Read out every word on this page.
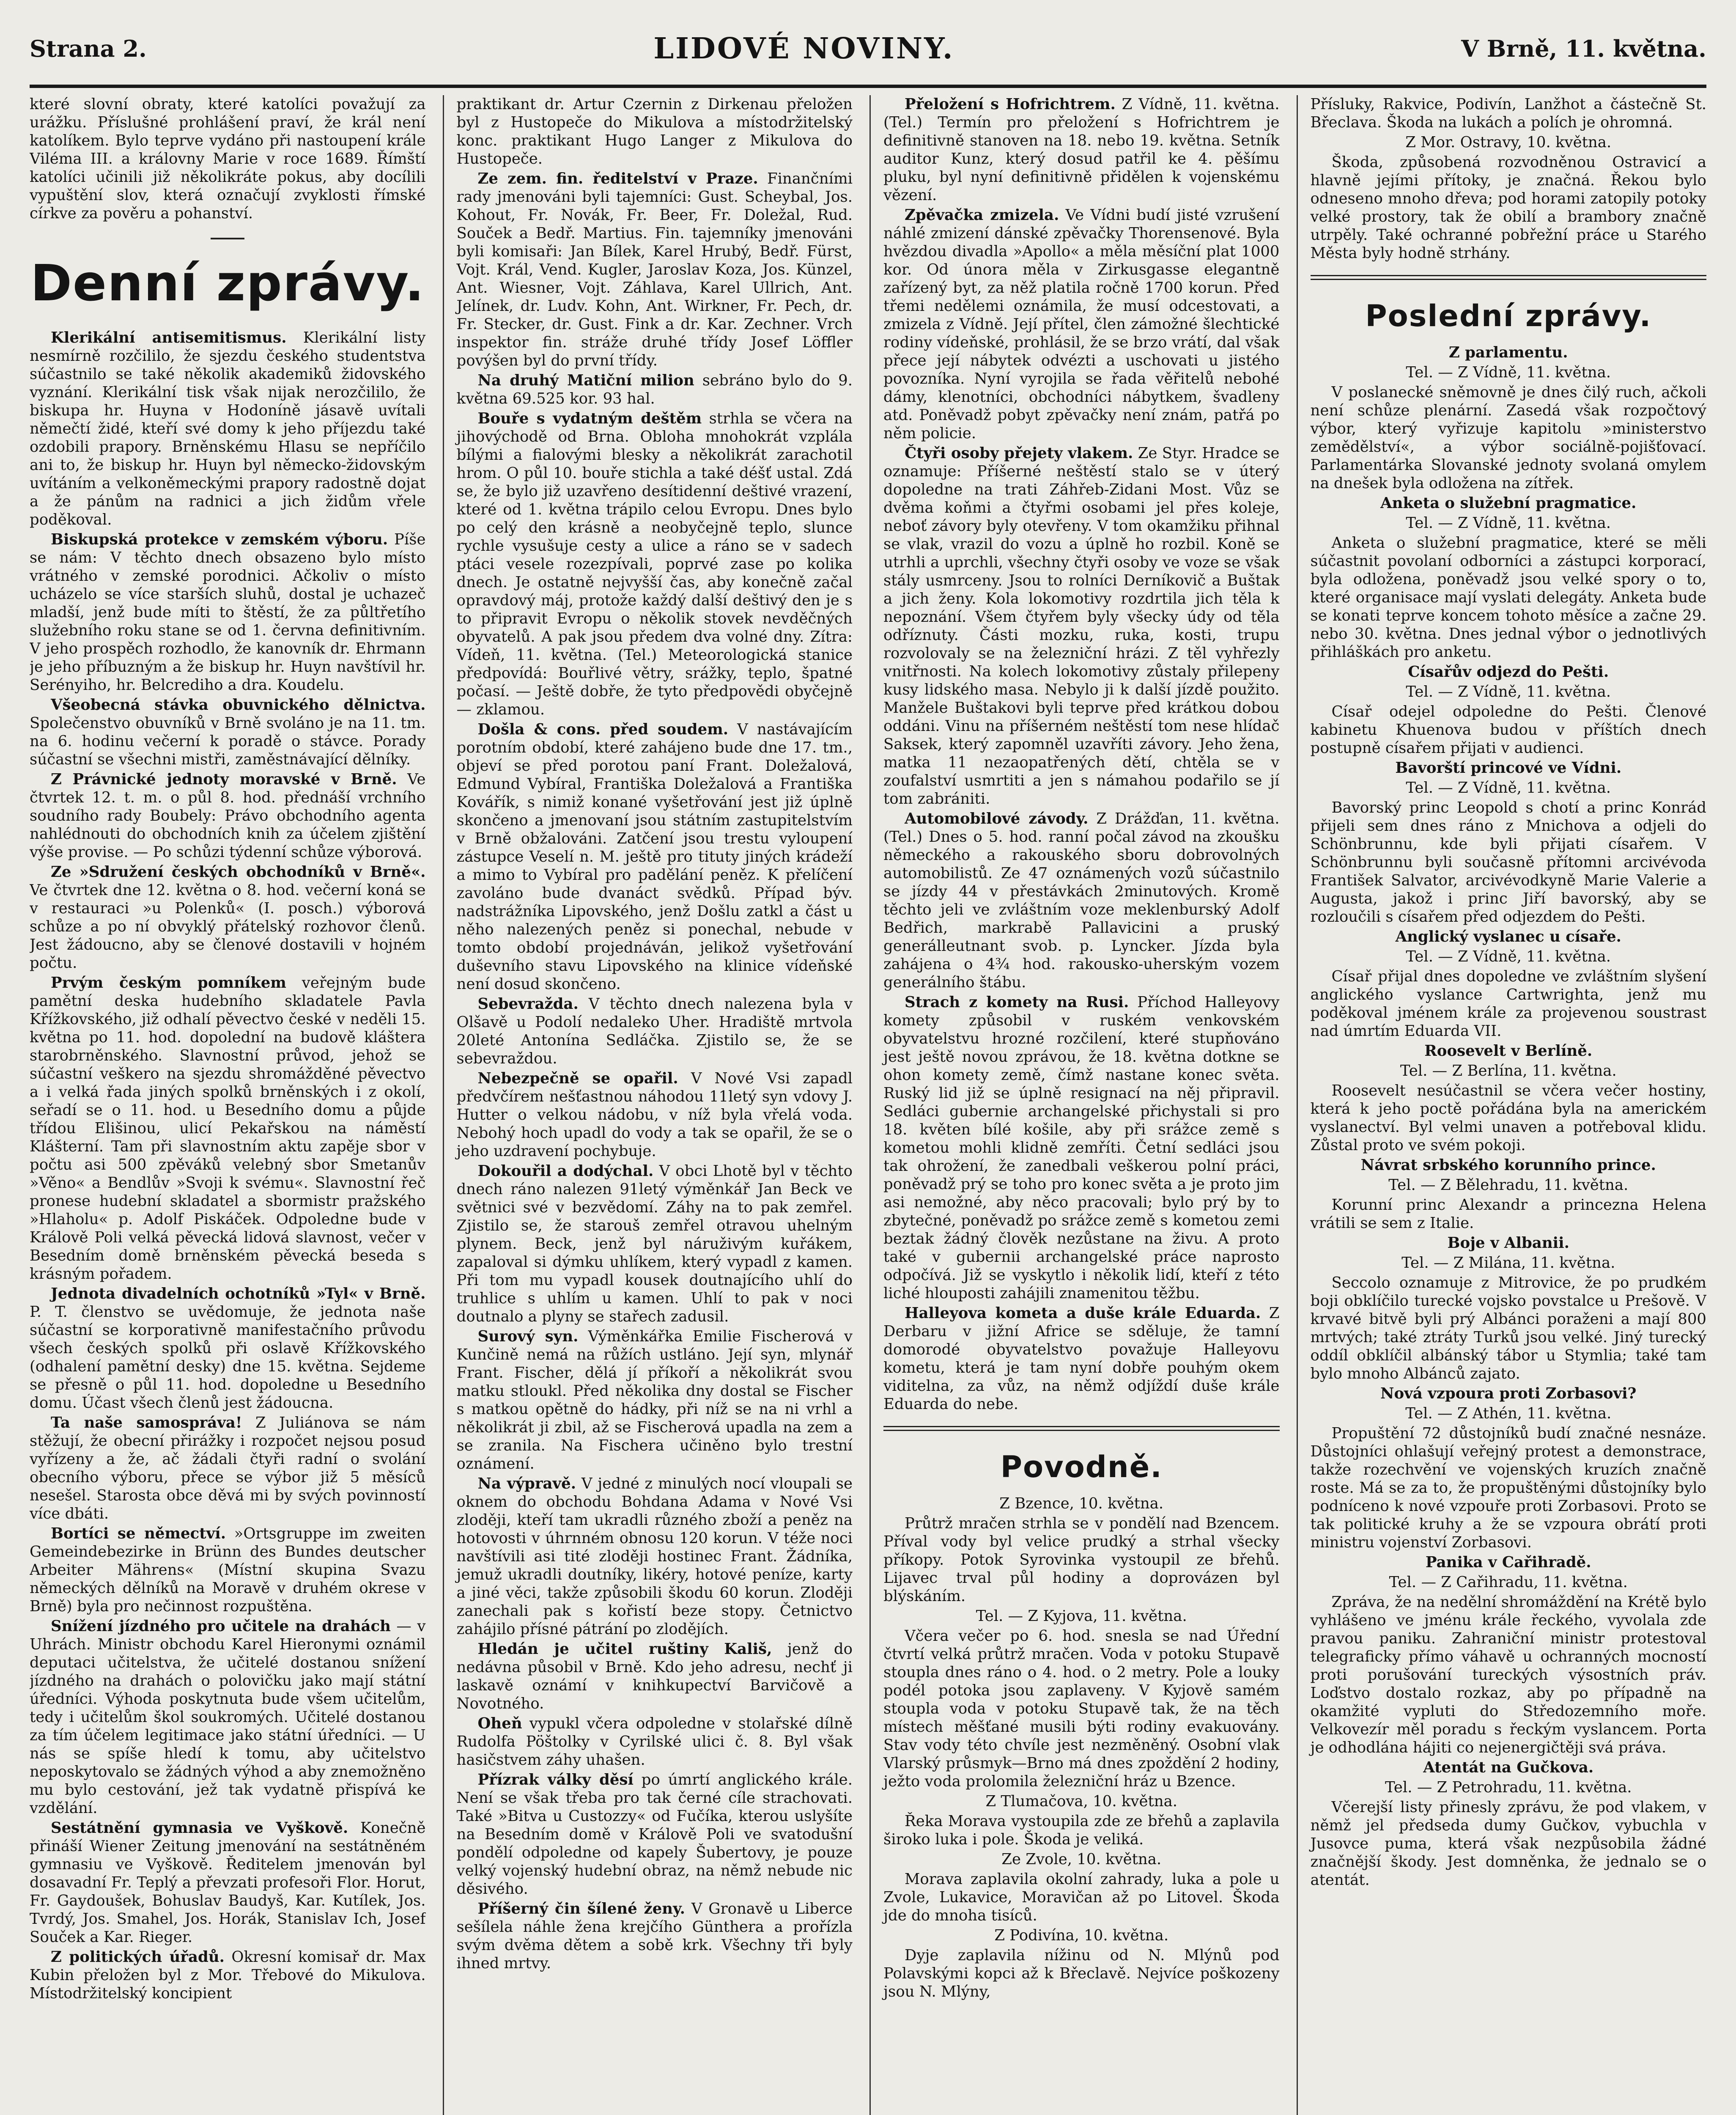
Strana 2.	LIDOVÉ NOVINY.	V Brně, 11. května.

které slovní obraty, které katolíci považují za urážku. Příslušné prohlášení praví, že král není katolíkem. Bylo teprve vydáno při nastoupení krále Viléma III. a královny Marie v roce 1689. Římští katolíci učinili již několikráte pokus, aby docílili vypuštění slov, která označují zvyklosti římské církve za pověru a pohanství.

Denní zprávy.

Klerikální antisemitismus. Klerikální listy nesmírně rozčililo, že sjezdu českého studentstva súčastnilo se také několik akademiků židovského vyznání. Klerikální tisk však nijak nerozčililo, že biskupa hr. Huyna v Hodoníně jásavě uvítali němečtí židé, kteří své domy k jeho příjezdu také ozdobili prapory. Brněnskému Hlasu se nepříčilo ani to, že biskup hr. Huyn byl německo-židovským uvítáním a velkoněmeckými prapory radostně dojat a že pánům na radnici a jich židům vřele poděkoval.

Biskupská protekce v zemském výboru. Píše se nám: V těchto dnech obsazeno bylo místo vrátného v zemské porodnici. Ačkoliv o místo ucházelo se více starších sluhů, dostal je uchazeč mladší, jenž bude míti to štěstí, že za půltřetího služebního roku stane se od 1. června definitivním. V jeho prospěch rozhodlo, že kanovník dr. Ehrmann je jeho příbuzným a že biskup hr. Huyn navštívil hr. Serényiho, hr. Belcrediho a dra. Koudelu.

Všeobecná stávka obuvnického dělnictva. Společenstvo obuvníků v Brně svoláno je na 11. tm. na 6. hodinu večerní k poradě o stávce. Porady súčastní se všechni mistři, zaměstnávající dělníky.

Z Právnické jednoty moravské v Brně. Ve čtvrtek 12. t. m. o půl 8. hod. přednáší vrchního soudního rady Boubely: Právo obchodního agenta nahlédnouti do obchodních knih za účelem zjištění výše provise. — Po schůzi týdenní schůze výborová.

Ze »Sdružení českých obchodníků v Brně«. Ve čtvrtek dne 12. května o 8. hod. večerní koná se v restauraci »u Polenků« (I. posch.) výborová schůze a po ní obvyklý přátelský rozhovor členů. Jest žádoucno, aby se členové dostavili v hojném počtu.

Prvým českým pomníkem veřejným bude pamětní deska hudebního skladatele Pavla Křížkovského, již odhalí pěvectvo české v neděli 15. května po 11. hod. dopolední na budově kláštera starobrněnského. Slavnostní průvod, jehož se súčastní veškero na sjezdu shromážděné pěvectvo a i velká řada jiných spolků brněnských i z okolí, seřadí se o 11. hod. u Besedního domu a půjde třídou Elišinou, ulicí Pekařskou na náměstí Klášterní. Tam při slavnostním aktu zapěje sbor v počtu asi 500 zpěváků velebný sbor Smetanův »Věno« a Bendlův »Svoji k svému«. Slavnostní řeč pronese hudební skladatel a sbormistr pražského »Hlaholu« p. Adolf Piskáček. Odpoledne bude v Králově Poli velká pěvecká lidová slavnost, večer v Besedním domě brněnském pěvecká beseda s krásným pořadem.

Jednota divadelních ochotníků »Tyl« v Brně. P. T. členstvo se uvědomuje, že jednota naše súčastní se korporativně manifestačního průvodu všech českých spolků při oslavě Křížkovského (odhalení pamětní desky) dne 15. května. Sejdeme se přesně o půl 11. hod. dopoledne u Besedního domu. Účast všech členů jest žádoucna.

Ta naše samospráva! Z Juliánova se nám stěžují, že obecní přirážky i rozpočet nejsou posud vyřízeny a že, ač žádali čtyři radní o svolání obecního výboru, přece se výbor již 5 měsíců nesešel. Starosta obce děvá mi by svých povinností více dbáti.

Bortíci se němectví. »Ortsgruppe im zweiten Gemeindebezirke in Brünn des Bundes deutscher Arbeiter Mährens« (Místní skupina Svazu německých dělníků na Moravě v druhém okrese v Brně) byla pro nečinnost rozpuštěna.

Snížení jízdného pro učitele na drahách — v Uhrách. Ministr obchodu Karel Hieronymi oznámil deputaci učitelstva, že učitelé dostanou snížení jízdného na drahách o polovičku jako mají státní úředníci. Výhoda poskytnuta bude všem učitelům, tedy i učitelům škol soukromých. Učitelé dostanou za tím účelem legitimace jako státní úředníci. — U nás se spíše hledí k tomu, aby učitelstvo neposkytovalo se žádných výhod a aby znemožněno mu bylo cestování, jež tak vydatně přispívá ke vzdělání.

Sestátnění gymnasia ve Vyškově. Konečně přináší Wiener Zeitung jmenování na sestátněném gymnasiu ve Vyškově. Ředitelem jmenován byl dosavadní Fr. Teplý a převzati profesoři Flor. Horut, Fr. Gaydoušek, Bohuslav Baudyš, Kar. Kutílek, Jos. Tvrdý, Jos. Smahel, Jos. Horák, Stanislav Ich, Josef Souček a Kar. Rieger.

Z politických úřadů. Okresní komisař dr. Max Kubin přeložen byl z Mor. Třebové do Mikulova. Místodržitelský koncipient

praktikant dr. Artur Czernin z Dirkenau přeložen byl z Hustopeče do Mikulova a místodržitelský konc. praktikant Hugo Langer z Mikulova do Hustopeče.

Ze zem. fin. ředitelství v Praze. Finančními rady jmenováni byli tajemníci: Gust. Scheybal, Jos. Kohout, Fr. Novák, Fr. Beer, Fr. Doležal, Rud. Souček a Bedř. Martius. Fin. tajemníky jmenováni byli komisaři: Jan Bílek, Karel Hrubý, Bedř. Fürst, Vojt. Král, Vend. Kugler, Jaroslav Koza, Jos. Künzel, Ant. Wiesner, Vojt. Záhlava, Karel Ullrich, Ant. Jelínek, dr. Ludv. Kohn, Ant. Wirkner, Fr. Pech, dr. Fr. Stecker, dr. Gust. Fink a dr. Kar. Zechner. Vrch inspektor fin. stráže druhé třídy Josef Löffler povýšen byl do první třídy.

Na druhý Matiční milion sebráno bylo do 9. května 69.525 kor. 93 hal.

Bouře s vydatným deštěm strhla se včera na jihovýchodě od Brna. Obloha mnohokrát vzplála bílými a fialovými blesky a několikrát zarachotil hrom. O půl 10. bouře stichla a také déšť ustal. Zdá se, že bylo již uzavřeno desítidenní deštivé vrazení, které od 1. května trápilo celou Evropu. Dnes bylo po celý den krásně a neobyčejně teplo, slunce rychle vysušuje cesty a ulice a ráno se v sadech ptáci vesele rozezpívali, poprvé zase po kolika dnech. Je ostatně nejvyšší čas, aby konečně začal opravdový máj, protože každý další deštivý den je s to připravit Evropu o několik stovek nevděčných obyvatelů. A pak jsou předem dva volné dny. Zítra: Vídeň, 11. května. (Tel.) Meteorologická stanice předpovídá: Bouřlivé větry, srážky, teplo, špatné počasí. — Ještě dobře, že tyto předpovědi obyčejně — zklamou.

Došla & cons. před soudem. V nastávajícím porotním období, které zahájeno bude dne 17. tm., objeví se před porotou paní Frant. Doležalová, Edmund Vybíral, Františka Doležalová a Františka Kovářík, s nimiž konané vyšetřování jest již úplně skončeno a jmenovaní jsou státním zastupitelstvím v Brně obžalováni. Zatčení jsou trestu vyloupení zástupce Veselí n. M. ještě pro tituty jiných krádeží a mimo to Vybíral pro padělání peněz. K přelíčení zavoláno bude dvanáct svědků. Případ býv. nadstrážníka Lipovského, jenž Došlu zatkl a část u něho nalezených peněz si ponechal, nebude v tomto období projednáván, jelikož vyšetřování duševního stavu Lipovského na klinice vídeňské není dosud skončeno.

Sebevražda. V těchto dnech nalezena byla v Olšavě u Podolí nedaleko Uher. Hradiště mrtvola 20leté Antonína Sedláčka. Zjistilo se, že se sebevraždou.

Nebezpečně se opařil. V Nové Vsi zapadl předvčírem nešťastnou náhodou 11letý syn vdovy J. Hutter o velkou nádobu, v níž byla vřelá voda. Nebohý hoch upadl do vody a tak se opařil, že se o jeho uzdravení pochybuje.

Dokouřil a dodýchal. V obci Lhotě byl v těchto dnech ráno nalezen 91letý výměnkář Jan Beck ve světnici své v bezvědomí. Záhy na to pak zemřel. Zjistilo se, že starouš zemřel otravou uhelným plynem. Beck, jenž byl náruživým kuřákem, zapaloval si dýmku uhlíkem, který vypadl z kamen. Při tom mu vypadl kousek doutnajícího uhlí do truhlice s uhlím u kamen. Uhlí to pak v noci doutnalo a plyny se stařech zadusil.

Surový syn. Výměnkářka Emilie Fischerová v Kunčině nemá na růžích ustláno. Její syn, mlynář Frant. Fischer, dělá jí příkoří a několikrát svou matku stloukl. Před několika dny dostal se Fischer s matkou opětně do hádky, při níž se na ni vrhl a několikrát ji zbil, až se Fischerová upadla na zem a se zranila. Na Fischera učiněno bylo trestní oznámení.

Na výpravě. V jedné z minulých nocí vloupali se oknem do obchodu Bohdana Adama v Nové Vsi zloději, kteří tam ukradli různého zboží a peněz na hotovosti v úhrnném obnosu 120 korun. V téže noci navštívili asi tité zloději hostinec Frant. Žádníka, jemuž ukradli doutníky, likéry, hotové peníze, karty a jiné věci, takže způsobili škodu 60 korun. Zloději zanechali pak s kořistí beze stopy. Četnictvo zahájilo přísné pátrání po zlodějích.

Hledán je učitel ruštiny Kališ, jenž do nedávna působil v Brně. Kdo jeho adresu, nechť ji laskavě oznámí v knihkupectví Barvičově a Novotného.

Oheň vypukl včera odpoledne v stolařské dílně Rudolfa Pöštolky v Cyrilské ulici č. 8. Byl však hasičstvem záhy uhašen.

Přízrak války děsí po úmrtí anglického krále. Není se však třeba pro tak černé cíle strachovati. Také »Bitva u Custozzy« od Fučíka, kterou uslyšíte na Besedním domě v Králově Poli ve svatodušní pondělí odpoledne od kapely Šubertovy, je pouze velký vojenský hudební obraz, na němž nebude nic děsivého.

Příšerný čin šílené ženy. V Gronavě u Liberce sešílela náhle žena krejčího Günthera a prořízla svým dvěma dětem a sobě krk. Všechny tři byly ihned mrtvy.

Přeložení s Hofrichtrem. Z Vídně, 11. května. (Tel.) Termín pro přeložení s Hofrichtrem je definitivně stanoven na 18. nebo 19. května. Setník auditor Kunz, který dosud patřil ke 4. pěšímu pluku, byl nyní definitivně přidělen k vojenskému vězení.

Zpěvačka zmizela. Ve Vídni budí jisté vzrušení náhlé zmizení dánské zpěvačky Thorensenové. Byla hvězdou divadla »Apollo« a měla měsíční plat 1000 kor. Od února měla v Zirkusgasse elegantně zařízený byt, za něž platila ročně 1700 korun. Před třemi nedělemi oznámila, že musí odcestovati, a zmizela z Vídně. Její přítel, člen zámožné šlechtické rodiny vídeňské, prohlásil, že se brzo vrátí, dal však přece její nábytek odvézti a uschovati u jistého povozníka. Nyní vyrojila se řada věřitelů nebohé dámy, klenotníci, obchodníci nábytkem, švadleny atd. Poněvadž pobyt zpěvačky není znám, patřá po něm policie.

Čtyři osoby přejety vlakem. Ze Styr. Hradce se oznamuje: Příšerné neštěstí stalo se v úterý dopoledne na trati Záhřeb-Zidani Most. Vůz se dvěma koňmi a čtyřmi osobami jel přes koleje, neboť závory byly otevřeny. V tom okamžiku přihnal se vlak, vrazil do vozu a úplně ho rozbil. Koně se utrhli a uprchli, všechny čtyři osoby ve voze se však stály usmrceny. Jsou to rolníci Derníkovič a Buštak a jich ženy. Kola lokomotivy rozdrtila jich těla k nepoznání. Všem čtyřem byly všecky údy od těla odříznuty. Části mozku, ruka, kosti, trupu rozvolovaly se na železniční hrázi. Z těl vyhřezly vnitřnosti. Na kolech lokomotivy zůstaly přilepeny kusy lidského masa. Nebylo ji k další jízdě použito. Manžele Buštakovi byli teprve před krátkou dobou oddáni. Vinu na příšerném neštěstí tom nese hlídač Saksek, který zapomněl uzavříti závory. Jeho žena, matka 11 nezaopatřených dětí, chtěla se v zoufalství usmrtiti a jen s námahou podařilo se jí tom zabrániti.

Automobilové závody. Z Drážďan, 11. května. (Tel.) Dnes o 5. hod. ranní počal závod na zkoušku německého a rakouského sboru dobrovolných automobilistů. Ze 47 oznámených vozů súčastnilo se jízdy 44 v přestávkách 2minutových. Kromě těchto jeli ve zvláštním voze meklenburský Adolf Bedřich, markrabě Pallavicini a pruský generálleutnant svob. p. Lyncker. Jízda byla zahájena o 4¾ hod. rakousko-uherským vozem generálního štábu.

Strach z komety na Rusi. Příchod Halleyovy komety způsobil v ruském venkovském obyvatelstvu hrozné rozčilení, které stupňováno jest ještě novou zprávou, že 18. května dotkne se ohon komety země, čímž nastane konec světa. Ruský lid již se úplně resignací na něj připravil. Sedláci gubernie archangelské přichystali si pro 18. květen bílé košile, aby při srážce země s kometou mohli klidně zemříti. Četní sedláci jsou tak ohrožení, že zanedbali veškerou polní práci, poněvadž prý se toho pro konec světa a je proto jim asi nemožné, aby něco pracovali; bylo prý by to zbytečné, poněvadž po srážce země s kometou zemi beztak žádný člověk nezůstane na živu. A proto také v gubernii archangelské práce naprosto odpočívá. Již se vyskytlo i několik lidí, kteří z této liché hlouposti zahájili znamenitou těžbu.

Halleyova kometa a duše krále Eduarda. Z Derbaru v jižní Africe se sděluje, že tamní domorodé obyvatelstvo považuje Halleyovu kometu, která je tam nyní dobře pouhým okem viditelna, za vůz, na němž odjíždí duše krále Eduarda do nebe.

Povodně.

Z Bzence, 10. května.

Průtrž mračen strhla se v pondělí nad Bzencem. Příval vody byl velice prudký a strhal všecky příkopy. Potok Syrovinka vystoupil ze břehů. Lijavec trval půl hodiny a doprovázen byl blýskáním.

Tel. — Z Kyjova, 11. května.

Včera večer po 6. hod. snesla se nad Úřední čtvrtí velká průtrž mračen. Voda v potoku Stupavě stoupla dnes ráno o 4. hod. o 2 metry. Pole a louky podél potoka jsou zaplaveny. V Kyjově samém stoupla voda v potoku Stupavě tak, že na těch místech měšťané musili býti rodiny evakuovány. Stav vody této chvíle jest nezměněný. Osobní vlak Vlarský průsmyk—Brno má dnes zpoždění 2 hodiny, ježto voda prolomila železniční hráz u Bzence.

Z Tlumačova, 10. května.

Řeka Morava vystoupila zde ze břehů a zaplavila široko luka i pole. Škoda je veliká.

Ze Zvole, 10. května.

Morava zaplavila okolní zahrady, luka a pole u Zvole, Lukavice, Moravičan až po Litovel. Škoda jde do mnoha tisíců.

Z Podivína, 10. května.

Dyje zaplavila nížinu od N. Mlýnů pod Polavskými kopci až k Břeclavě. Nejvíce poškozeny jsou N. Mlýny,

Přísluky, Rakvice, Podivín, Lanžhot a částečně St. Břeclava. Škoda na lukách a polích je ohromná.

Z Mor. Ostravy, 10. května.

Škoda, způsobená rozvodněnou Ostravicí a hlavně jejími přítoky, je značná. Řekou bylo odneseno mnoho dřeva; pod horami zatopily potoky velké prostory, tak že obilí a brambory značně utrpěly. Také ochranné pobřežní práce u Starého Města byly hodně strhány.

Poslední zprávy.

Z parlamentu.

Tel. — Z Vídně, 11. května.

V poslanecké sněmovně je dnes čilý ruch, ačkoli není schůze plenární. Zasedá však rozpočtový výbor, který vyřizuje kapitolu »ministerstvo zemědělství«, a výbor sociálně-pojišťovací. Parlamentárka Slovanské jednoty svolaná omylem na dnešek byla odložena na zítřek.

Anketa o služební pragmatice.

Tel. — Z Vídně, 11. května.

Anketa o služební pragmatice, které se měli súčastnit povolaní odborníci a zástupci korporací, byla odložena, poněvadž jsou velké spory o to, které organisace mají vyslati delegáty. Anketa bude se konati teprve koncem tohoto měsíce a začne 29. nebo 30. května. Dnes jednal výbor o jednotlivých přihláškách pro anketu.

Císařův odjezd do Pešti.

Tel. — Z Vídně, 11. května.

Císař odejel odpoledne do Pešti. Členové kabinetu Khuenova budou v příštích dnech postupně císařem přijati v audienci.

Bavorští princové ve Vídni.

Tel. — Z Vídně, 11. května.

Bavorský princ Leopold s chotí a princ Konrád přijeli sem dnes ráno z Mnichova a odjeli do Schönbrunnu, kde byli přijati císařem. V Schönbrunnu byli současně přítomni arcivévoda František Salvator, arcivévodkyně Marie Valerie a Augusta, jakož i princ Jiří bavorský, aby se rozloučili s císařem před odjezdem do Pešti.

Anglický vyslanec u císaře.

Tel. — Z Vídně, 11. května.

Císař přijal dnes dopoledne ve zvláštním slyšení anglického vyslance Cartwrighta, jenž mu poděkoval jménem krále za projevenou soustrast nad úmrtím Eduarda VII.

Roosevelt v Berlíně.

Tel. — Z Berlína, 11. května.

Roosevelt nesúčastnil se včera večer hostiny, která k jeho poctě pořádána byla na americkém vyslanectví. Byl velmi unaven a potřeboval klidu. Zůstal proto ve svém pokoji.

Návrat srbského korunního prince.

Tel. — Z Bělehradu, 11. května.

Korunní princ Alexandr a princezna Helena vrátili se sem z Italie.

Boje v Albanii.

Tel. — Z Milána, 11. května.

Seccolo oznamuje z Mitrovice, že po prudkém boji obklíčilo turecké vojsko povstalce u Prešově. V krvavé bitvě byli prý Albánci poraženi a mají 800 mrtvých; také ztráty Turků jsou velké. Jiný turecký oddíl obklíčil albánský tábor u Stymlia; také tam bylo mnoho Albánců zajato.

Nová vzpoura proti Zorbasovi?

Tel. — Z Athén, 11. května.

Propuštění 72 důstojníků budí značné nesnáze. Důstojníci ohlašují veřejný protest a demonstrace, takže rozechvění ve vojenských kruzích značně roste. Má se za to, že propuštěnými důstojníky bylo podníceno k nové vzpouře proti Zorbasovi. Proto se tak politické kruhy a že se vzpoura obrátí proti ministru vojenství Zorbasovi.

Panika v Cařihradě.

Tel. — Z Cařihradu, 11. května.

Zpráva, že na nedělní shromáždění na Krétě bylo vyhlášeno ve jménu krále řeckého, vyvolala zde pravou paniku. Zahraniční ministr protestoval telegraficky přímo váhavě u ochranných mocností proti porušování tureckých výsostních práv. Loďstvo dostalo rozkaz, aby po případně na okamžité vypluti do Středozemního moře. Velkovezír měl poradu s řeckým vyslancem. Porta je odhodlána hájiti co nejenergičtěji svá práva.

Atentát na Gučkova.

Tel. — Z Petrohradu, 11. května.

Včerejší listy přinesly zprávu, že pod vlakem, v němž jel předseda dumy Gučkov, vybuchla v Jusovce puma, která však nezpůsobila žádné značnější škody. Jest domněnka, že jednalo se o atentát.
